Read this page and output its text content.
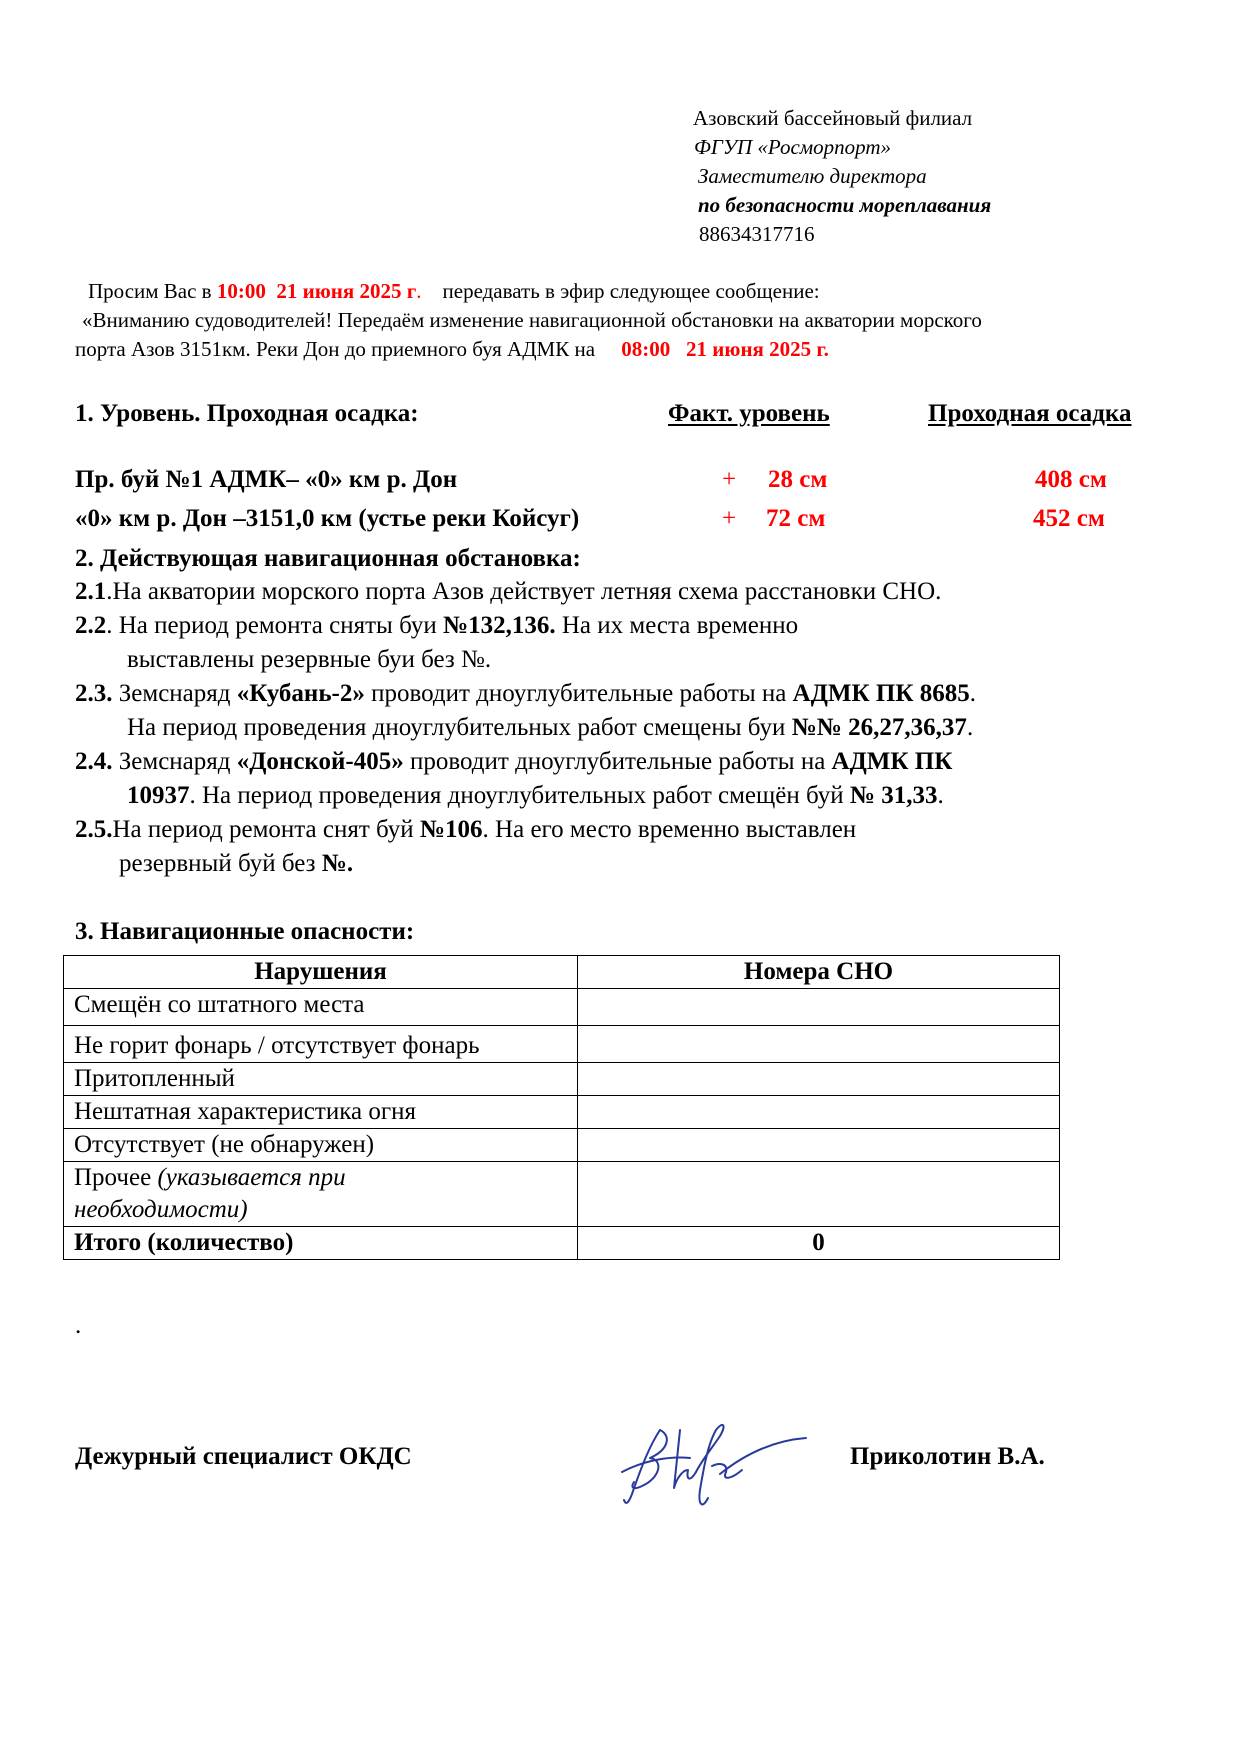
Азовский бассейновый филиал
ФГУП «Росморпорт»
Заместителю директора
по безопасности мореплавания
88634317716
Просим Вас в 10:00 21 июня 2025 г. передавать в эфир следующее сообщение:
«Вниманию судоводителей! Передаём изменение навигационной обстановки на акватории морского
порта Азов 3151км. Реки Дон до приемного буя АДМК на 08:00 21 июня 2025 г.
1. Уровень. Проходная осадка:	Факт. уровень	Проходная осадка
Пр. буй №1 АДМК– «0» км р. Дон	+ 28 см	408 см
«0» км р. Дон –3151,0 км (устье реки Койсуг)	+ 72 см	452 см
2. Действующая навигационная обстановка:
2.1.На акватории морского порта Азов действует летняя схема расстановки СНО.
2.2. На период ремонта сняты буи №132,136. На их места временно
выставлены резервные буи без №.
2.3. Земснаряд «Кубань-2» проводит дноуглубительные работы на АДМК ПК 8685.
На период проведения дноуглубительных работ смещены буи №№ 26,27,36,37.
2.4. Земснаряд «Донской-405» проводит дноуглубительные работы на АДМК ПК
10937. На период проведения дноуглубительных работ смещён буй № 31,33.
2.5.На период ремонта снят буй №106. На его место временно выставлен
резервный буй без №.
3. Навигационные опасности:
Нарушения	Номера СНО
Смещён со штатного места	
Не горит фонарь / отсутствует фонарь	
Притопленный	
Нештатная характеристика огня	
Отсутствует (не обнаружен)	
Прочее (указывается при
необходимости)	
Итого (количество)	0
.
Дежурный специалист ОКДС	Приколотин В.А.
